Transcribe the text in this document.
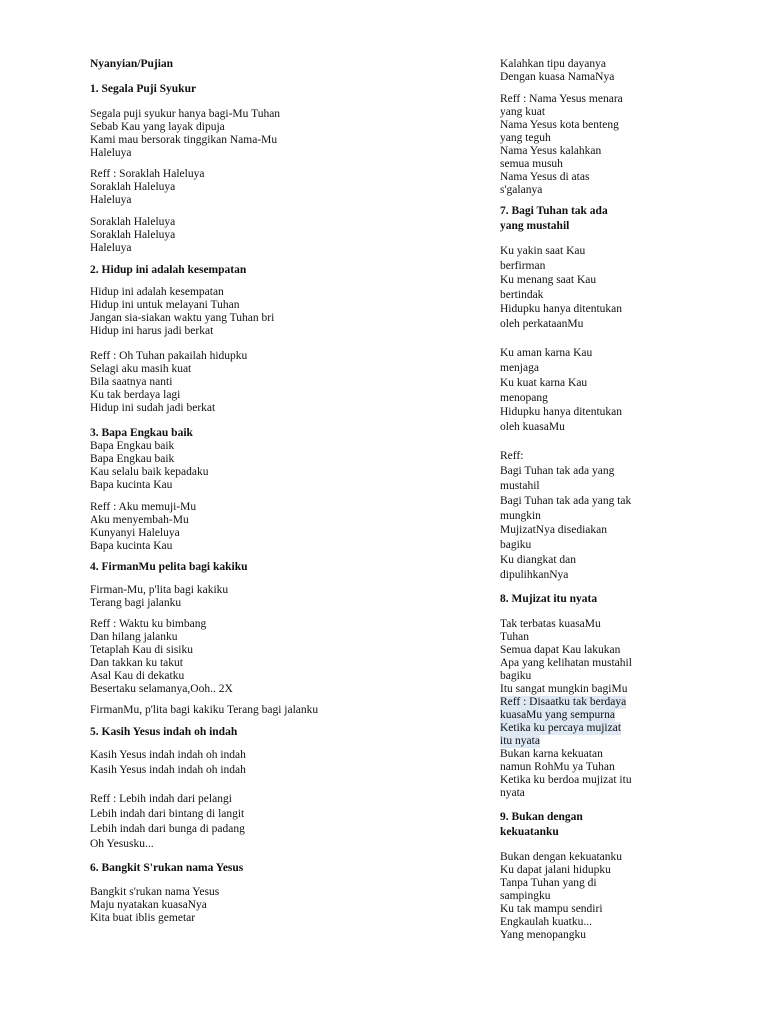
Nyanyian/Pujian
1. Segala Puji Syukur
Segala puji syukur hanya bagi-Mu Tuhan
Sebab Kau yang layak dipuja
Kami mau bersorak tinggikan Nama-Mu
Haleluya
Reff : Soraklah Haleluya
Soraklah Haleluya
Haleluya
Soraklah Haleluya
Soraklah Haleluya
Haleluya
2. Hidup ini adalah kesempatan
Hidup ini adalah kesempatan
Hidup ini untuk melayani Tuhan
Jangan sia-siakan waktu yang Tuhan bri
Hidup ini harus jadi berkat
Reff : Oh Tuhan pakailah hidupku
Selagi aku masih kuat
Bila saatnya nanti
Ku tak berdaya lagi
Hidup ini sudah jadi berkat
3. Bapa Engkau baik
Bapa Engkau baik
Bapa Engkau baik
Kau selalu baik kepadaku
Bapa kucinta Kau
Reff : Aku memuji-Mu
Aku menyembah-Mu
Kunyanyi Haleluya
Bapa kucinta Kau
4. FirmanMu pelita bagi kakiku
Firman-Mu, p'lita bagi kakiku
Terang bagi jalanku
Reff : Waktu ku bimbang
Dan hilang jalanku
Tetaplah Kau di sisiku
Dan takkan ku takut
Asal Kau di dekatku
Besertaku selamanya,Ooh.. 2X
FirmanMu, p'lita bagi kakiku Terang bagi jalanku
5. Kasih Yesus indah oh indah
Kasih Yesus indah indah oh indah
Kasih Yesus indah indah oh indah
Reff : Lebih indah dari pelangi
Lebih indah dari bintang di langit
Lebih indah dari bunga di padang
Oh Yesusku...
6. Bangkit S'rukan nama Yesus
Bangkit s'rukan nama Yesus
Maju nyatakan kuasaNya
Kita buat iblis gemetar
Kalahkan tipu dayanya
Dengan kuasa NamaNya
Reff : Nama Yesus menara
yang kuat
Nama Yesus kota benteng
yang teguh
Nama Yesus kalahkan
semua musuh
Nama Yesus di atas
s'galanya
7. Bagi Tuhan tak ada
yang mustahil
Ku yakin saat Kau
berfirman
Ku menang saat Kau
bertindak
Hidupku hanya ditentukan
oleh perkataanMu
Ku aman karna Kau
menjaga
Ku kuat karna Kau
menopang
Hidupku hanya ditentukan
oleh kuasaMu
Reff:
Bagi Tuhan tak ada yang
mustahil
Bagi Tuhan tak ada yang tak
mungkin
MujizatNya disediakan
bagiku
Ku diangkat dan
dipulihkanNya
8. Mujizat itu nyata
Tak terbatas kuasaMu
Tuhan
Semua dapat Kau lakukan
Apa yang kelihatan mustahil
bagiku
Itu sangat mungkin bagiMu
Reff : Disaatku tak berdaya
kuasaMu yang sempurna
Ketika ku percaya mujizat
itu nyata
Bukan karna kekuatan
namun RohMu ya Tuhan
Ketika ku berdoa mujizat itu
nyata
9. Bukan dengan
kekuatanku
Bukan dengan kekuatanku
Ku dapat jalani hidupku
Tanpa Tuhan yang di
sampingku
Ku tak mampu sendiri
Engkaulah kuatku...
Yang menopangku
